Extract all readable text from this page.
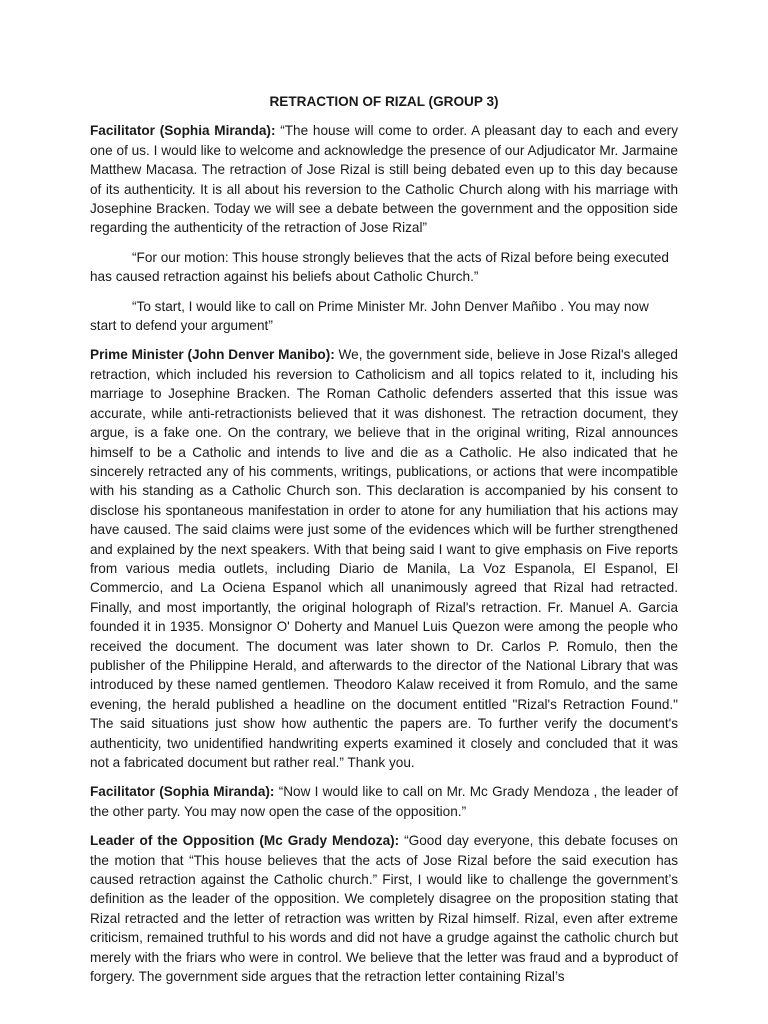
RETRACTION OF RIZAL (GROUP 3)

Facilitator (Sophia Miranda): “The house will come to order. A pleasant day to each and every one of us. I would like to welcome and acknowledge the presence of our Adjudicator Mr. Jarmaine Matthew Macasa. The retraction of Jose Rizal is still being debated even up to this day because of its authenticity. It is all about his reversion to the Catholic Church along with his marriage with Josephine Bracken. Today we will see a debate between the government and the opposition side regarding the authenticity of the retraction of Jose Rizal”

“For our motion: This house strongly believes that the acts of Rizal before being executed has caused retraction against his beliefs about Catholic Church.”

“To start, I would like to call on Prime Minister Mr. John Denver Mañibo . You may now start to defend your argument”

Prime Minister (John Denver Manibo): We, the government side, believe in Jose Rizal's alleged retraction, which included his reversion to Catholicism and all topics related to it, including his marriage to Josephine Bracken. The Roman Catholic defenders asserted that this issue was accurate, while anti-retractionists believed that it was dishonest. The retraction document, they argue, is a fake one. On the contrary, we believe that in the original writing, Rizal announces himself to be a Catholic and intends to live and die as a Catholic. He also indicated that he sincerely retracted any of his comments, writings, publications, or actions that were incompatible with his standing as a Catholic Church son. This declaration is accompanied by his consent to disclose his spontaneous manifestation in order to atone for any humiliation that his actions may have caused. The said claims were just some of the evidences which will be further strengthened and explained by the next speakers. With that being said I want to give emphasis on Five reports from various media outlets, including Diario de Manila, La Voz Espanola, El Espanol, El Commercio, and La Ociena Espanol which all unanimously agreed that Rizal had retracted. Finally, and most importantly, the original holograph of Rizal's retraction. Fr. Manuel A. Garcia founded it in 1935. Monsignor O' Doherty and Manuel Luis Quezon were among the people who received the document. The document was later shown to Dr. Carlos P. Romulo, then the publisher of the Philippine Herald, and afterwards to the director of the National Library that was introduced by these named gentlemen. Theodoro Kalaw received it from Romulo, and the same evening, the herald published a headline on the document entitled "Rizal's Retraction Found." The said situations just show how authentic the papers are. To further verify the document's authenticity, two unidentified handwriting experts examined it closely and concluded that it was not a fabricated document but rather real.” Thank you.

Facilitator (Sophia Miranda): “Now I would like to call on Mr. Mc Grady Mendoza , the leader of the other party. You may now open the case of the opposition.”

Leader of the Opposition (Mc Grady Mendoza): “Good day everyone, this debate focuses on the motion that “This house believes that the acts of Jose Rizal before the said execution has caused retraction against the Catholic church.” First, I would like to challenge the government’s definition as the leader of the opposition. We completely disagree on the proposition stating that Rizal retracted and the letter of retraction was written by Rizal himself. Rizal, even after extreme criticism, remained truthful to his words and did not have a grudge against the catholic church but merely with the friars who were in control. We believe that the letter was fraud and a byproduct of forgery. The government side argues that the retraction letter containing Rizal’s
